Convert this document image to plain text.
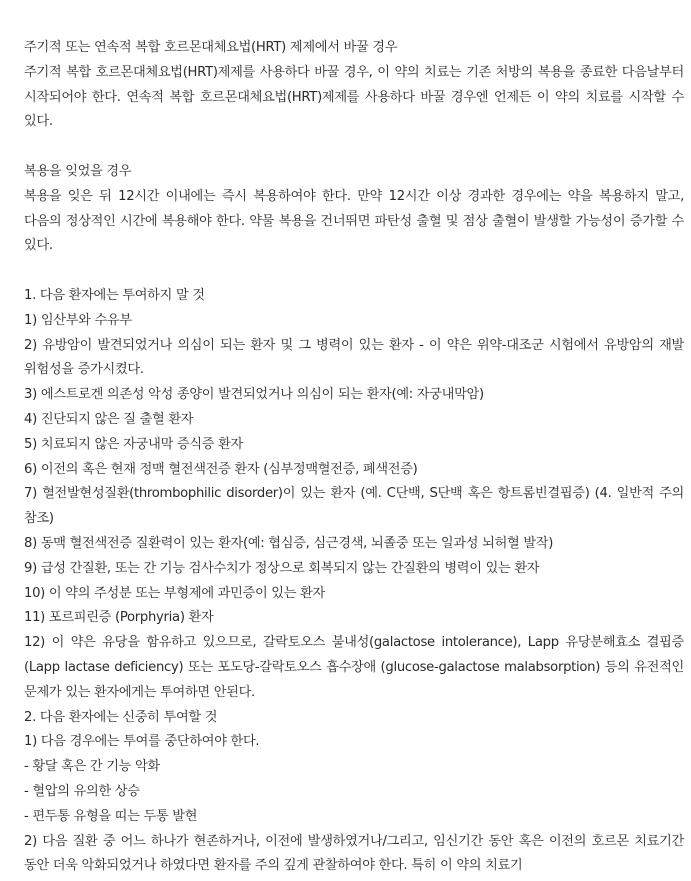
주기적 또는 연속적 복합 호르몬대체요법(HRT) 제제에서 바꿀 경우

주기적 복합 호르몬대체요법(HRT)제제를 사용하다 바꿀 경우, 이 약의 치료는 기존 처방의 복용을 종료한 다음날부터 시작되어야 한다. 연속적 복합 호르몬대체요법(HRT)제제를 사용하다 바꿀 경우엔 언제든 이 약의 치료를 시작할 수 있다.

복용을 잊었을 경우

복용을 잊은 뒤 12시간 이내에는 즉시 복용하여야 한다. 만약 12시간 이상 경과한 경우에는 약을 복용하지 말고, 다음의 정상적인 시간에 복용해야 한다. 약물 복용을 건너뛰면 파탄성 출혈 및 점상 출혈이 발생할 가능성이 증가할 수 있다.

1. 다음 환자에는 투여하지 말 것

1) 임산부와 수유부

2) 유방암이 발견되었거나 의심이 되는 환자 및 그 병력이 있는 환자 - 이 약은 위약-대조군 시험에서 유방암의 재발 위험성을 증가시켰다.

3) 에스트로겐 의존성 악성 종양이 발견되었거나 의심이 되는 환자(예: 자궁내막암)

4) 진단되지 않은 질 출혈 환자

5) 치료되지 않은 자궁내막 증식증 환자

6) 이전의 혹은 현재 정맥 혈전색전증 환자 (심부정맥혈전증, 폐색전증)

7) 혈전발현성질환(thrombophilic disorder)이 있는 환자 (예. C단백, S단백 혹은 항트롬빈결핍증) (4. 일반적 주의 참조)

8) 동맥 혈전색전증 질환력이 있는 환자(예: 협심증, 심근경색, 뇌졸중 또는 일과성 뇌허혈 발작)

9) 급성 간질환, 또는 간 기능 검사수치가 정상으로 회복되지 않는 간질환의 병력이 있는 환자

10) 이 약의 주성분 또는 부형제에 과민증이 있는 환자

11) 포르피린증 (Porphyria) 환자

12) 이 약은 유당을 함유하고 있으므로, 갈락토오스 불내성(galactose intolerance), Lapp 유당분해효소 결핍증(Lapp lactase deficiency) 또는 포도당-갈락토오스 흡수장애 (glucose-galactose malabsorption) 등의 유전적인 문제가 있는 환자에게는 투여하면 안된다.

2. 다음 환자에는 신중히 투여할 것

1) 다음 경우에는 투여를 중단하여야 한다.

- 황달 혹은 간 기능 악화

- 혈압의 유의한 상승

- 편두통 유형을 띠는 두통 발현

2) 다음 질환 중 어느 하나가 현존하거나, 이전에 발생하였거나/그리고, 임신기간 동안 혹은 이전의 호르몬 치료기간 동안 더욱 악화되었거나 하였다면 환자를 주의 깊게 관찰하여야 한다. 특히 이 약의 치료기
